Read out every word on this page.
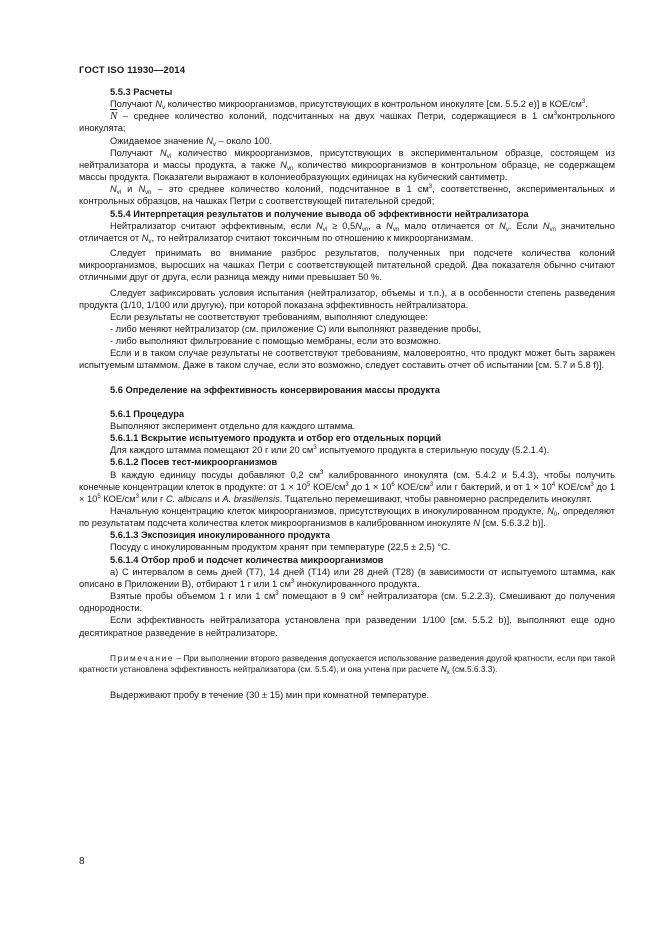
ГОСТ ISO 11930—2014

5.5.3 Расчеты

Получают $N_v$ количество микроорганизмов, присутствующих в контрольном инокуляте [см. 5.5.2 е)] в КОЕ/$см^3$.

$\overline{N}$ – среднее количество колоний, подсчитанных на двух чашках Петри, содержащиеся в 1 $см^3контрольного$ инокулята;

Ожидаемое значение $N_v$ – около 100.

Получают $N_{vl}$ количество микроорганизмов, присутствующих в экспериментальном образце, состоящем из нейтрализатора и массы продукта, а также $N_{vn}$ количество микроорганизмов в контрольном образце, не содержащем массы продукта. Показатели выражают в колониеобразующих единицах на кубический сантиметр.

$N_{vl}$ и $N_{vn}$ – это среднее количество колоний, подсчитанное в 1 $см^3$, соответственно, экспериментальных и контрольных образцов, на чашках Петри с соответствующей питательной средой;

5.5.4 Интерпретация результатов и получение вывода об эффективности нейтрализатора

Нейтрализатор считают эффективным, если $N_{vl} \ge 0,5N_{vn}$, а $N_{vn}$ мало отличается от $N_v$. Если $N_{vn}$ значительно отличается от $N_v$, то нейтрализатор считают токсичным по отношению к микроорганизмам.

Следует принимать во внимание разброс результатов, полученных при подсчете количества колоний микроорганизмов, выросших на чашках Петри с соответствующей питательной средой. Два показателя обычно считают отличными друг от друга, если разница между ними превышает 50 %.

Следует зафиксировать условия испытания (нейтрализатор, объемы и т.п.), а в особенности степень разведения продукта (1/10, 1/100 или другую), при которой показана эффективность нейтрализатора.

Если результаты не соответствуют требованиям, выполняют следующее:

- либо меняют нейтрализатор (см. приложение С) или выполняют разведение пробы,

- либо выполняют фильтрование с помощью мембраны, если это возможно.

Если и в таком случае результаты не соответствуют требованиям, маловероятно, что продукт может быть заражен испытуемым штаммом. Даже в таком случае, если это возможно, следует составить отчет об испытании [см. 5.7 и 5.8 f)].

5.6 Определение на эффективность консервирования массы продукта

5.6.1 Процедура

Выполняют эксперимент отдельно для каждого штамма.

5.6.1.1 Вскрытие испытуемого продукта и отбор его отдельных порций

Для каждого штамма помещают 20 г или 20 $см^3$ испытуемого продукта в стерильную посуду (5.2.1.4).

5.6.1.2 Посев тест-микроорганизмов

В каждую единицу посуды добавляют 0,2 $см^3$ калиброванного инокулята (см. 5.4.2 и 5.4.3), чтобы получить конечные концентрации клеток в продукте: от $1 \times 10^5$ КОЕ/$см^3$ до $1 \times 10^6$ КОЕ/$см^3$ или г бактерий, и от $1 \times 10^4$ КОЕ/$см^3$ до $1 \times 10^5$ КОЕ/$см^3$ или г C. albicans и A. brasiliensis. Тщательно перемешивают, чтобы равномерно распределить инокулят.

Начальную концентрацию клеток микроорганизмов, присутствующих в инокулированном продукте, $N_0$, определяют по результатам подсчета количества клеток микроорганизмов в калиброванном инокуляте N [см. 5.6.3.2 b)].

5.6.1.3 Экспозиция инокулированного продукта

Посуду с инокулированным продуктом хранят при температуре (22,5 ± 2,5) °С.

5.6.1.4 Отбор проб и подсчет количества микроорганизмов

а) С интервалом в семь дней (Т7), 14 дней (Т14) или 28 дней (Т28) (в зависимости от испытуемого штамма, как описано в Приложении В), отбирают 1 г или 1 $см^3$ инокулированного продукта.

Взятые пробы объемом 1 г или 1 $см^3$ помещают в 9 $см^3$ нейтрализатора (см. 5.2.2.3). Смешивают до получения однородности.

Если эффективность нейтрализатора установлена при разведении 1/100 [см. 5.5.2 b)], выполняют еще одно десятикратное разведение в нейтрализаторе.

Примечание – При выполнении второго разведения допускается использование разведения другой кратности, если при такой кратности установлена эффективность нейтрализатора (см. 5.5.4), и она учтена при расчете $N_x$ (см.5.6.3.3).

Выдерживают пробу в течение (30 ± 15) мин при комнатной температуре.

8
